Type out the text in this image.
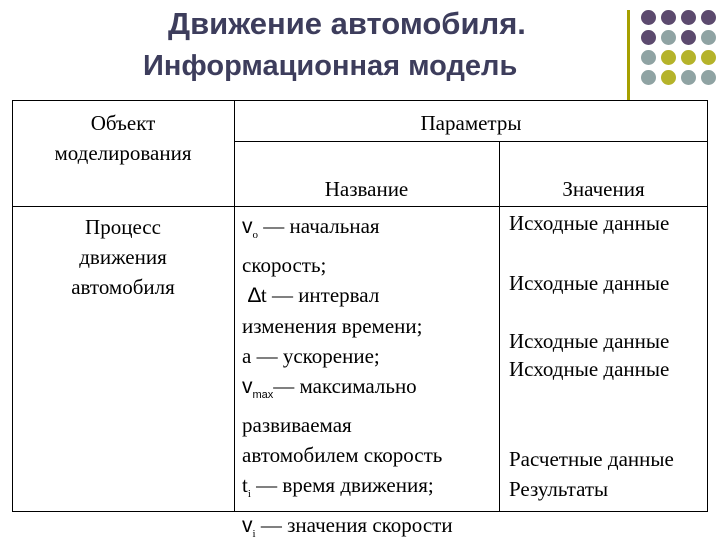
Движение автомобиля.
Информационная модель
Объект
моделирования
Параметры
Название	Значения
Процесс
движения
автомобиля
$v_o$ — начальная
скорость;
∆t — интервал
изменения времени;
a — ускорение;
$v_{max}—$ максимально
развиваемая
автомобилем скорость
$t_i$ — время движения;
$v_i$ — значения скорости
Исходные данные
Исходные данные
Исходные данные
Исходные данные
Расчетные данные
Результаты
